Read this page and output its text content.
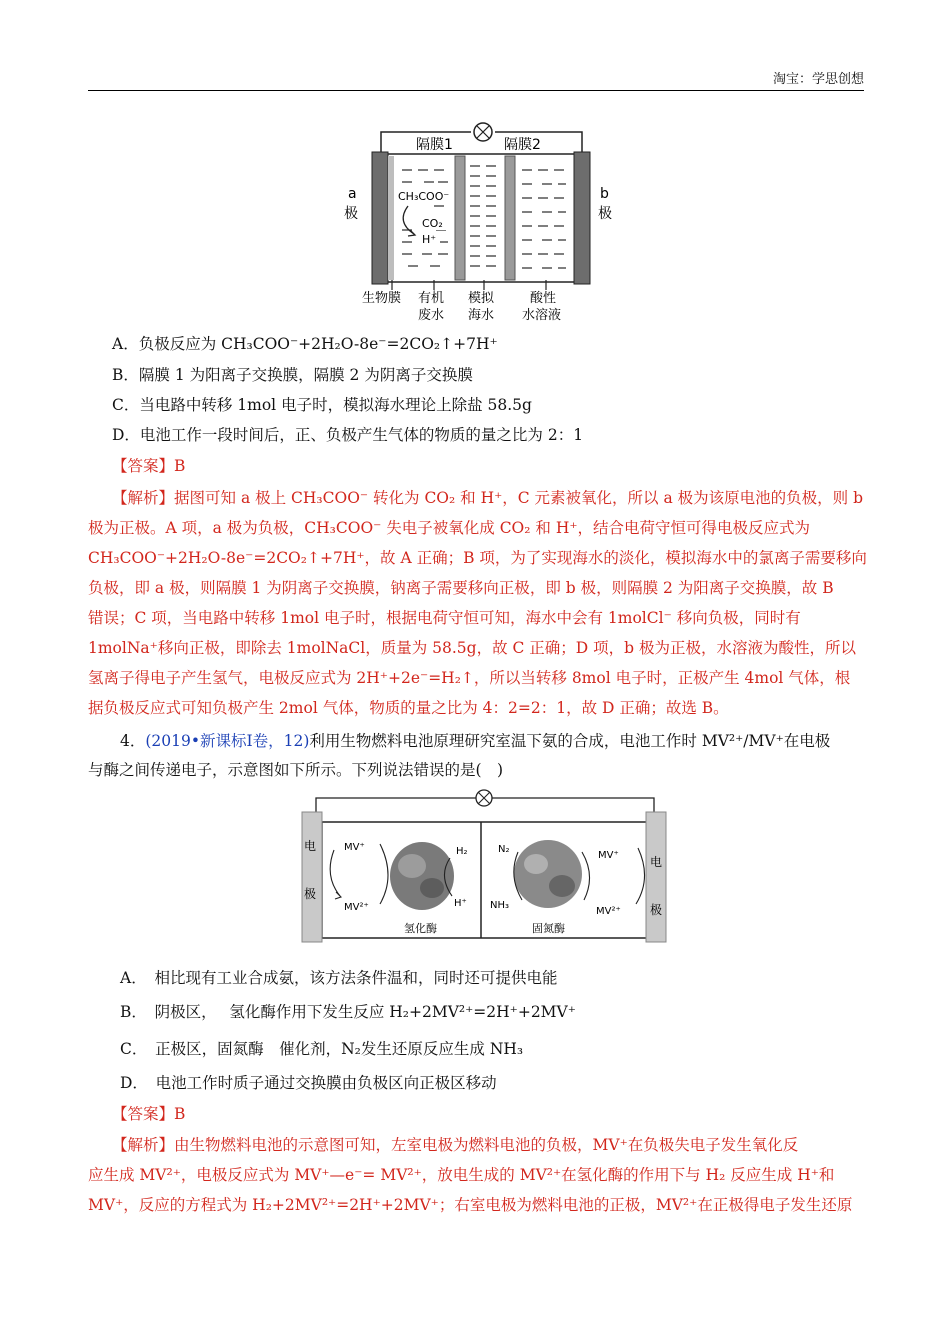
淘宝：学思创想
隔膜1	隔膜2
a
极
b
极
CH₃COO⁻
CO₂
H⁺
生物膜 有机
废水
模拟
海水
酸性
水溶液
A．负极反应为 CH₃COO⁻+2H₂O-8e⁻=2CO₂↑+7H⁺
B．隔膜 1 为阳离子交换膜，隔膜 2 为阴离子交换膜
C．当电路中转移 1mol 电子时，模拟海水理论上除盐 58.5g
D．电池工作一段时间后，正、负极产生气体的物质的量之比为 2：1
【答案】B
【解析】据图可知 a 极上 CH₃COO⁻ 转化为 CO₂ 和 H⁺，C 元素被氧化，所以 a 极为该原电池的负极，则 b
极为正极。A 项，a 极为负极，CH₃COO⁻ 失电子被氧化成 CO₂ 和 H⁺，结合电荷守恒可得电极反应式为
CH₃COO⁻+2H₂O-8e⁻=2CO₂↑+7H⁺，故 A 正确；B 项，为了实现海水的淡化，模拟海水中的氯离子需要移向
负极，即 a 极，则隔膜 1 为阴离子交换膜，钠离子需要移向正极，即 b 极，则隔膜 2 为阳离子交换膜，故 B
错误；C 项，当电路中转移 1mol 电子时，根据电荷守恒可知，海水中会有 1molCl⁻ 移向负极，同时有
1molNa⁺移向正极，即除去 1molNaCl，质量为 58.5g，故 C 正确；D 项，b 极为正极，水溶液为酸性，所以
氢离子得电子产生氢气，电极反应式为 2H⁺+2e⁻=H₂↑，所以当转移 8mol 电子时，正极产生 4mol 气体，根
据负极反应式可知负极产生 2mol 气体，物质的量之比为 4：2=2：1，故 D 正确；故选 B。
4．(2019•新课标Ⅰ卷，12)利用生物燃料电池原理研究室温下氨的合成，电池工作时 MV²⁺/MV⁺在电极
与酶之间传递电子，示意图如下所示。下列说法错误的是(　)
电
极
电
极
MV⁺
MV²⁺
H₂
H⁺
N₂
NH₃
MV⁺
MV²⁺
氢化酶	固氮酶
A．　相比现有工业合成氨，该方法条件温和，同时还可提供电能
B．　阴极区，　 氢化酶作用下发生反应 H₂+2MV²⁺=2H⁺+2MV⁺
C．　正极区，固氮酶　催化剂，N₂发生还原反应生成 NH₃
D．　电池工作时质子通过交换膜由负极区向正极区移动
【答案】B
【解析】由生物燃料电池的示意图可知，左室电极为燃料电池的负极，MV⁺在负极失电子发生氧化反
应生成 MV²⁺，电极反应式为 MV⁺—e⁻= MV²⁺，放电生成的 MV²⁺在氢化酶的作用下与 H₂ 反应生成 H⁺和
MV⁺，反应的方程式为 H₂+2MV²⁺=2H⁺+2MV⁺；右室电极为燃料电池的正极，MV²⁺在正极得电子发生还原
